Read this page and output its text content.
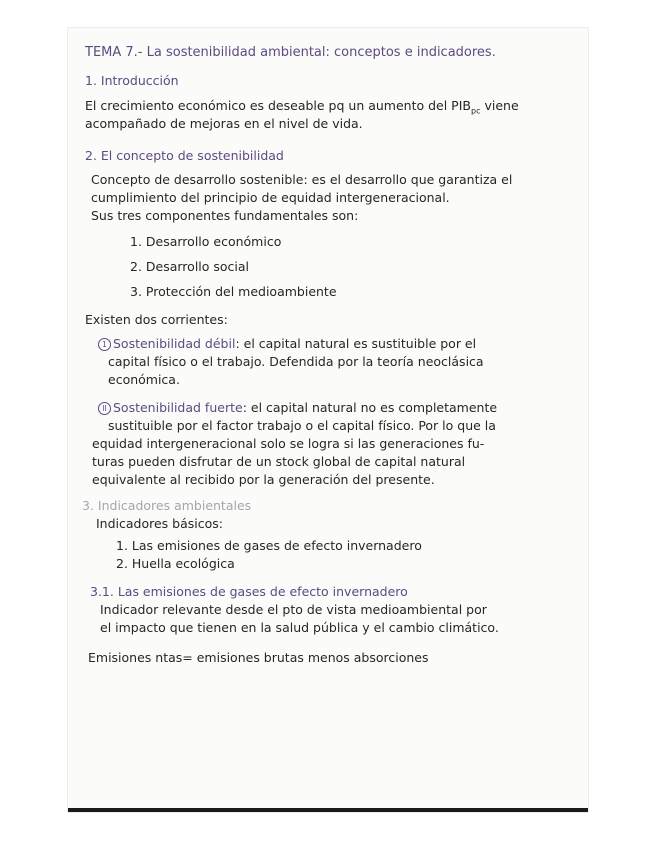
TEMA 7.- La sostenibilidad ambiental: conceptos e indicadores.
1. Introducción
El crecimiento económico es deseable pq un aumento del $PIB_{pc}$ viene
acompañado de mejoras en el nivel de vida.
2. El concepto de sostenibilidad
Concepto de desarrollo sostenible: es el desarrollo que garantiza el
cumplimiento del principio de equidad intergeneracional.
Sus tres componentes fundamentales son:
1. Desarrollo económico
2. Desarrollo social
3. Protección del medioambiente
Existen dos corrientes:
1 Sostenibilidad débil: el capital natural es sustituible por el
capital físico o el trabajo. Defendida por la teoría neoclásica
económica.
II Sostenibilidad fuerte: el capital natural no es completamente
sustituible por el factor trabajo o el capital físico. Por lo que la
equidad intergeneracional solo se logra si las generaciones fu-
turas pueden disfrutar de un stock global de capital natural
equivalente al recibido por la generación del presente.
3. Indicadores ambientales
Indicadores básicos:
1. Las emisiones de gases de efecto invernadero
2. Huella ecológica
3.1. Las emisiones de gases de efecto invernadero
Indicador relevante desde el pto de vista medioambiental por
el impacto que tienen en la salud pública y el cambio climático.
Emisiones ntas= emisiones brutas menos absorciones
